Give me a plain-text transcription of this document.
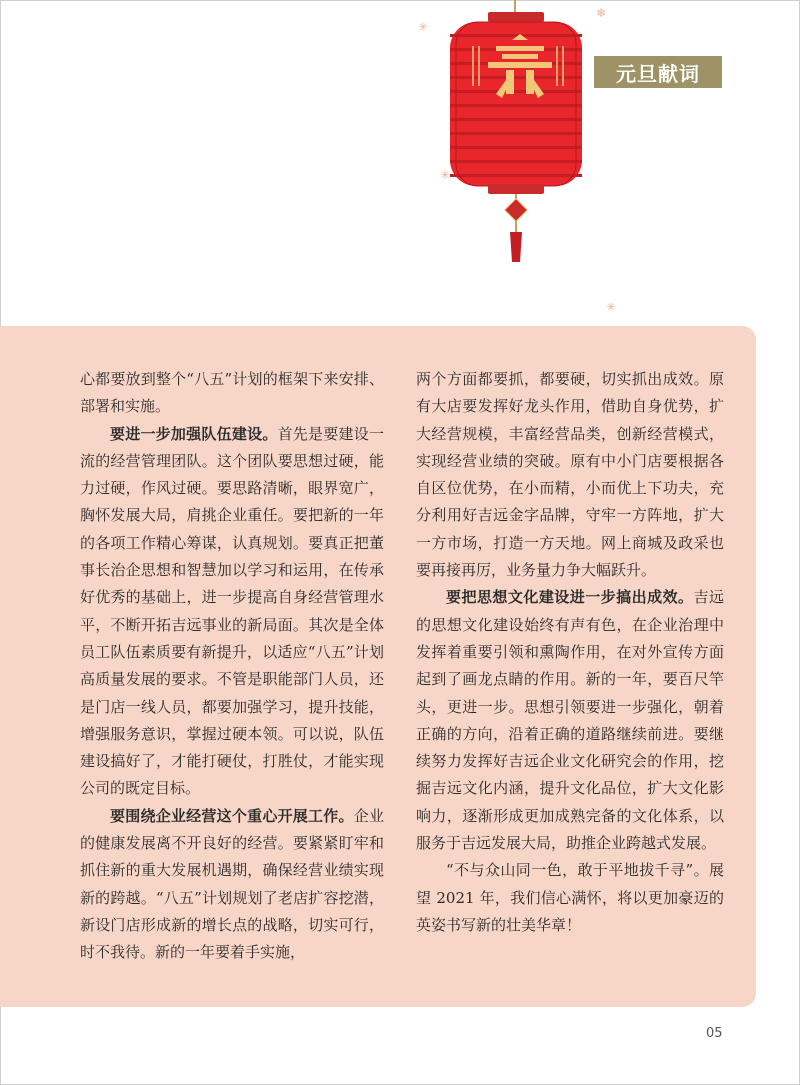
✳
❄
✳
✳
元旦献词

心都要放到整个“八五”计划的框架下来安排、部署和实施。

要进一步加强队伍建设。首先是要建设一流的经营管理团队。这个团队要思想过硬，能力过硬，作风过硬。要思路清晰，眼界宽广，胸怀发展大局，肩挑企业重任。要把新的一年的各项工作精心筹谋，认真规划。要真正把董事长治企思想和智慧加以学习和运用，在传承好优秀的基础上，进一步提高自身经营管理水平，不断开拓吉远事业的新局面。其次是全体员工队伍素质要有新提升，以适应“八五”计划高质量发展的要求。不管是职能部门人员，还是门店一线人员，都要加强学习，提升技能，增强服务意识，掌握过硬本领。可以说，队伍建设搞好了，才能打硬仗，打胜仗，才能实现公司的既定目标。

要围绕企业经营这个重心开展工作。企业的健康发展离不开良好的经营。要紧紧盯牢和抓住新的重大发展机遇期，确保经营业绩实现新的跨越。“八五”计划规划了老店扩容挖潜，新设门店形成新的增长点的战略，切实可行，时不我待。新的一年要着手实施，

两个方面都要抓，都要硬，切实抓出成效。原有大店要发挥好龙头作用，借助自身优势，扩大经营规模，丰富经营品类，创新经营模式，实现经营业绩的突破。原有中小门店要根据各自区位优势，在小而精，小而优上下功夫，充分利用好吉远金字品牌，守牢一方阵地，扩大一方市场，打造一方天地。网上商城及政采也要再接再厉，业务量力争大幅跃升。

要把思想文化建设进一步搞出成效。吉远的思想文化建设始终有声有色，在企业治理中发挥着重要引领和熏陶作用，在对外宣传方面起到了画龙点睛的作用。新的一年，要百尺竿头，更进一步。思想引领要进一步强化，朝着正确的方向，沿着正确的道路继续前进。要继续努力发挥好吉远企业文化研究会的作用，挖掘吉远文化内涵，提升文化品位，扩大文化影响力，逐渐形成更加成熟完备的文化体系，以服务于吉远发展大局，助推企业跨越式发展。

“不与众山同一色，敢于平地拔千寻”。展望 2021 年，我们信心满怀，将以更加豪迈的英姿书写新的壮美华章！

05
